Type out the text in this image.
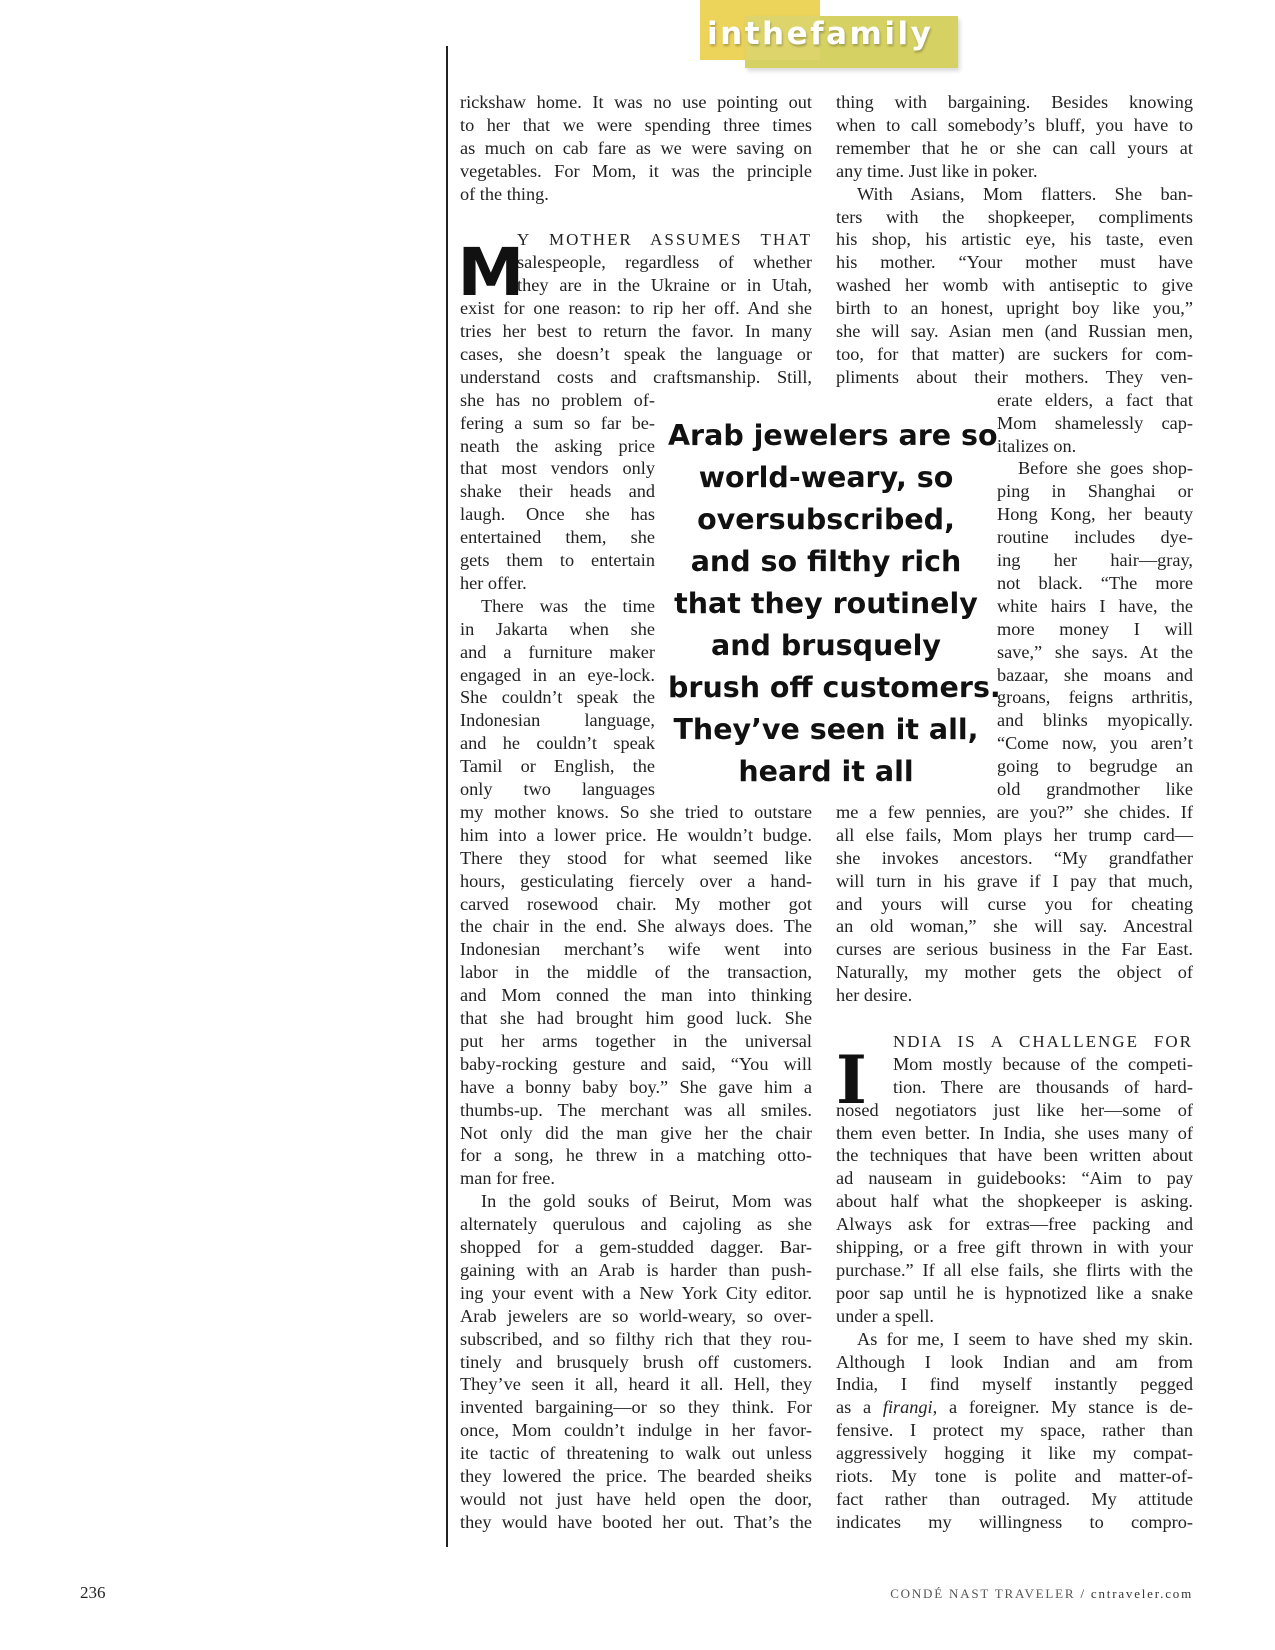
inthefamily
rickshaw home. It was no use pointing out
to her that we were spending three times
as much on cab fare as we were saving on
vegetables. For Mom, it was the principle
of the thing.
Y MOTHER ASSUMES THAT
salespeople, regardless of whether
they are in the Ukraine or in Utah,
exist for one reason: to rip her off. And she
tries her best to return the favor. In many
cases, she doesn’t speak the language or
understand costs and craftsmanship. Still,
she has no problem of-
fering a sum so far be-
neath the asking price
that most vendors only
shake their heads and
laugh. Once she has
entertained them, she
gets them to entertain
her offer.
There was the time
in Jakarta when she
and a furniture maker
engaged in an eye-lock.
She couldn’t speak the
Indonesian language,
and he couldn’t speak
Tamil or English, the
only two languages
my mother knows. So she tried to outstare
him into a lower price. He wouldn’t budge.
There they stood for what seemed like
hours, gesticulating fiercely over a hand-
carved rosewood chair. My mother got
the chair in the end. She always does. The
Indonesian merchant’s wife went into
labor in the middle of the transaction,
and Mom conned the man into thinking
that she had brought him good luck. She
put her arms together in the universal
baby-rocking gesture and said, “You will
have a bonny baby boy.” She gave him a
thumbs-up. The merchant was all smiles.
Not only did the man give her the chair
for a song, he threw in a matching otto-
man for free.
In the gold souks of Beirut, Mom was
alternately querulous and cajoling as she
shopped for a gem-studded dagger. Bar-
gaining with an Arab is harder than push-
ing your event with a New York City editor.
Arab jewelers are so world-weary, so over-
subscribed, and so filthy rich that they rou-
tinely and brusquely brush off customers.
They’ve seen it all, heard it all. Hell, they
invented bargaining—or so they think. For
once, Mom couldn’t indulge in her favor-
ite tactic of threatening to walk out unless
they lowered the price. The bearded sheiks
would not just have held open the door,
they would have booted her out. That’s the
thing with bargaining. Besides knowing
when to call somebody’s bluff, you have to
remember that he or she can call yours at
any time. Just like in poker.
With Asians, Mom flatters. She ban-
ters with the shopkeeper, compliments
his shop, his artistic eye, his taste, even
his mother. “Your mother must have
washed her womb with antiseptic to give
birth to an honest, upright boy like you,”
she will say. Asian men (and Russian men,
too, for that matter) are suckers for com-
pliments about their mothers. They ven-
erate elders, a fact that
Mom shamelessly cap-
italizes on.
Before she goes shop-
ping in Shanghai or
Hong Kong, her beauty
routine includes dye-
ing her hair—gray,
not black. “The more
white hairs I have, the
more money I will
save,” she says. At the
bazaar, she moans and
groans, feigns arthritis,
and blinks myopically.
“Come now, you aren’t
going to begrudge an
old grandmother like
me a few pennies, are you?” she chides. If
all else fails, Mom plays her trump card—
she invokes ancestors. “My grandfather
will turn in his grave if I pay that much,
and yours will curse you for cheating
an old woman,” she will say. Ancestral
curses are serious business in the Far East.
Naturally, my mother gets the object of
her desire.
NDIA IS A CHALLENGE FOR
Mom mostly because of the competi-
tion. There are thousands of hard-
nosed negotiators just like her—some of
them even better. In India, she uses many of
the techniques that have been written about
ad nauseam in guidebooks: “Aim to pay
about half what the shopkeeper is asking.
Always ask for extras—free packing and
shipping, or a free gift thrown in with your
purchase.” If all else fails, she flirts with the
poor sap until he is hypnotized like a snake
under a spell.
As for me, I seem to have shed my skin.
Although I look Indian and am from
India, I find myself instantly pegged
as a firangi, a foreigner. My stance is de-
fensive. I protect my space, rather than
aggressively hogging it like my compat-
riots. My tone is polite and matter-of-
fact rather than outraged. My attitude
indicates my willingness to compro-
M
I
Arab jewelers are so
world-weary, so
oversubscribed,
and so filthy rich
that they routinely
and brusquely
brush off customers.
They’ve seen it all,
heard it all
236	CONDÉ NAST TRAVELER / cntraveler.com
